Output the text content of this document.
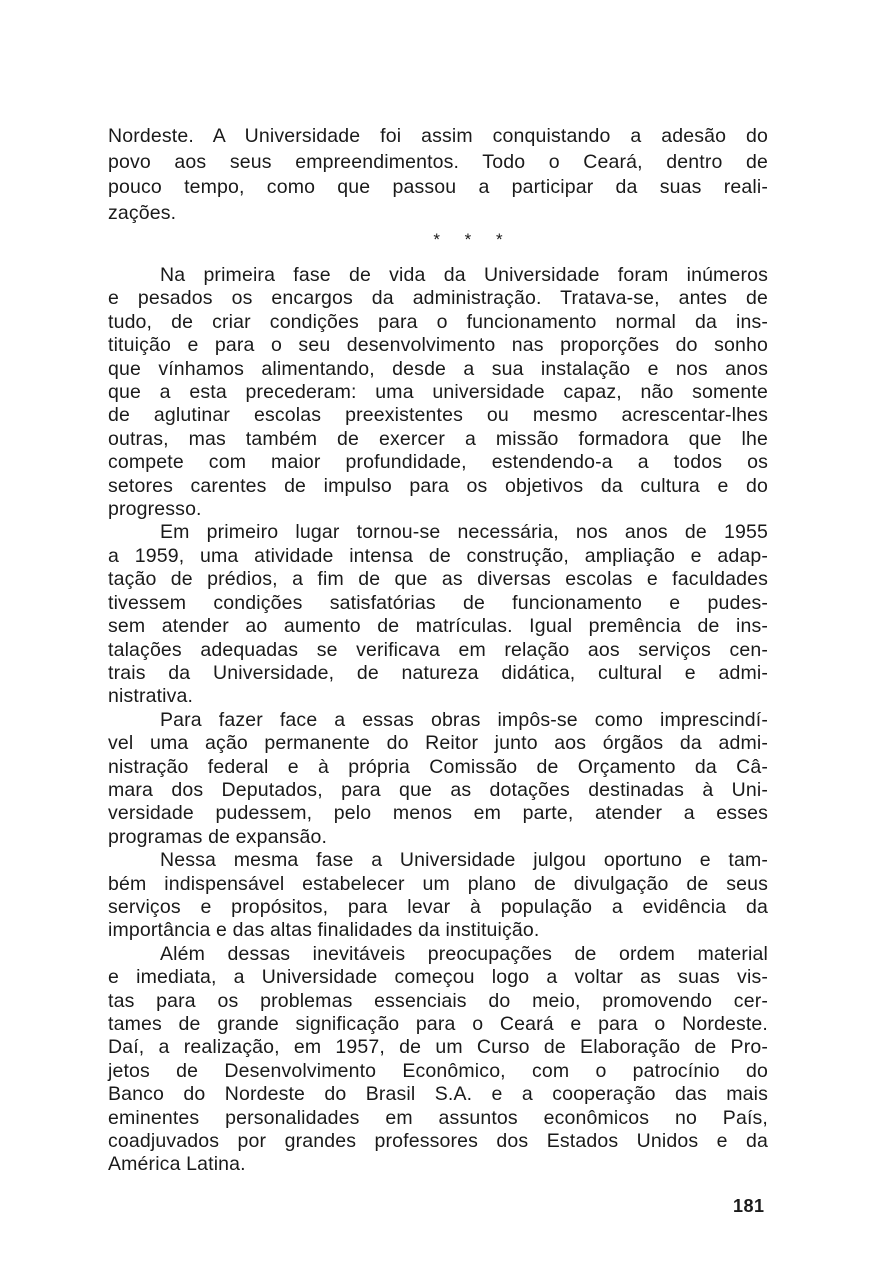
Nordeste. A Universidade foi assim conquistando a adesão do
povo aos seus empreendimentos. Todo o Ceará, dentro de
pouco tempo, como que passou a participar da suas reali-
zações.
* * *
Na primeira fase de vida da Universidade foram inúmeros
e pesados os encargos da administração. Tratava-se, antes de
tudo, de criar condições para o funcionamento normal da ins-
tituição e para o seu desenvolvimento nas proporções do sonho
que vínhamos alimentando, desde a sua instalação e nos anos
que a esta precederam: uma universidade capaz, não somente
de aglutinar escolas preexistentes ou mesmo acrescentar-lhes
outras, mas também de exercer a missão formadora que lhe
compete com maior profundidade, estendendo-a a todos os
setores carentes de impulso para os objetivos da cultura e do
progresso.
Em primeiro lugar tornou-se necessária, nos anos de 1955
a 1959, uma atividade intensa de construção, ampliação e adap-
tação de prédios, a fim de que as diversas escolas e faculdades
tivessem condições satisfatórias de funcionamento e pudes-
sem atender ao aumento de matrículas. Igual premência de ins-
talações adequadas se verificava em relação aos serviços cen-
trais da Universidade, de natureza didática, cultural e admi-
nistrativa.
Para fazer face a essas obras impôs-se como imprescindí-
vel uma ação permanente do Reitor junto aos órgãos da admi-
nistração federal e à própria Comissão de Orçamento da Câ-
mara dos Deputados, para que as dotações destinadas à Uni-
versidade pudessem, pelo menos em parte, atender a esses
programas de expansão.
Nessa mesma fase a Universidade julgou oportuno e tam-
bém indispensável estabelecer um plano de divulgação de seus
serviços e propósitos, para levar à população a evidência da
importância e das altas finalidades da instituição.
Além dessas inevitáveis preocupações de ordem material
e imediata, a Universidade começou logo a voltar as suas vis-
tas para os problemas essenciais do meio, promovendo cer-
tames de grande significação para o Ceará e para o Nordeste.
Daí, a realização, em 1957, de um Curso de Elaboração de Pro-
jetos de Desenvolvimento Econômico, com o patrocínio do
Banco do Nordeste do Brasil S.A. e a cooperação das mais
eminentes personalidades em assuntos econômicos no País,
coadjuvados por grandes professores dos Estados Unidos e da
América Latina.
181
